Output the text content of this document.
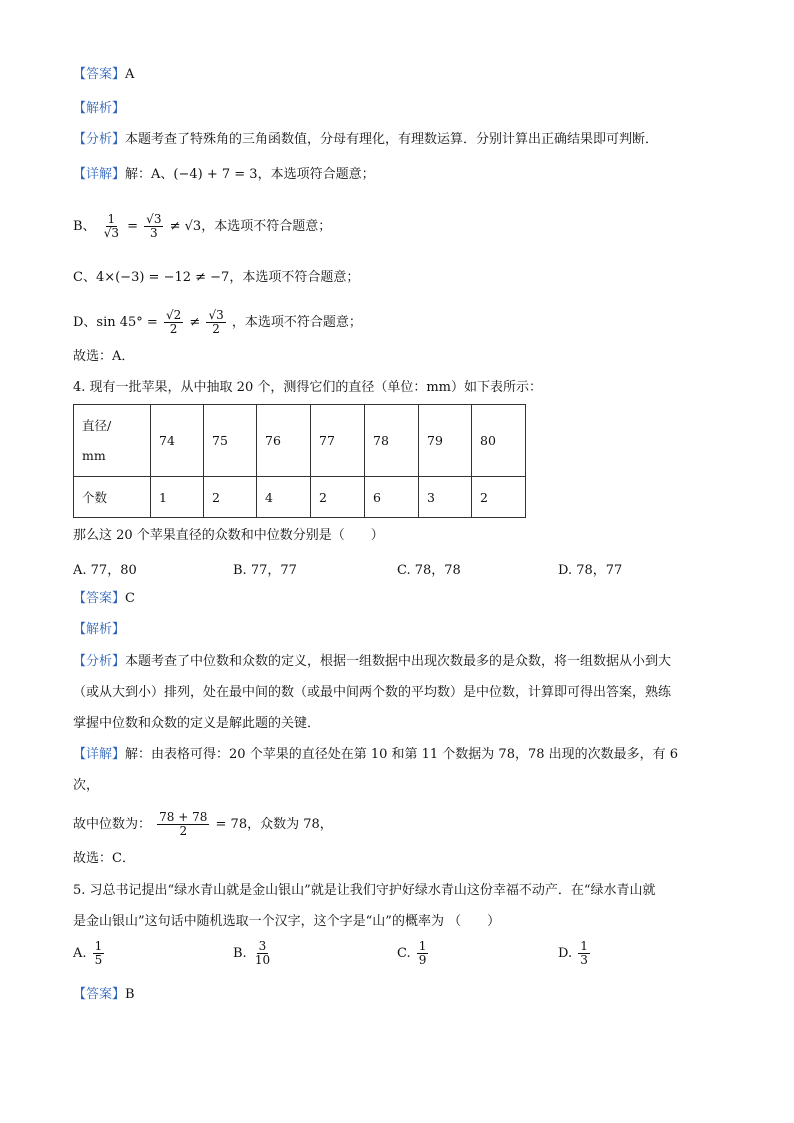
【答案】A
【解析】
【分析】本题考查了特殊角的三角函数值，分母有理化，有理数运算．分别计算出正确结果即可判断．
【详解】解：A、(−4) + 7 = 3，本选项符合题意；
B、 $\frac{1}{√3} = \frac{√3}{3} \ne √3$，本选项不符合题意；
C、4×(−3) = −12 ≠ −7，本选项不符合题意；
D、$\sin 45^\circ = \frac{√2}{2} \ne \frac{√3}{2}$ ，本选项不符合题意；
故选：A．
4. 现有一批苹果，从中抽取 20 个，测得它们的直径（单位：mm）如下表所示：
直径/
mm	74	75	76	77	78	79	80
个数	1	2	4	2	6	3	2
那么这 20 个苹果直径的众数和中位数分别是（　　）
A. 77，80	B. 77，77	C. 78，78	D. 78，77
【答案】C
【解析】
【分析】本题考查了中位数和众数的定义，根据一组数据中出现次数最多的是众数，将一组数据从小到大
（或从大到小）排列，处在最中间的数（或最中间两个数的平均数）是中位数，计算即可得出答案，熟练
掌握中位数和众数的定义是解此题的关键．
【详解】解：由表格可得：20 个苹果的直径处在第 10 和第 11 个数据为 78，78 出现的次数最多，有 6
次，
故中位数为： $\frac{78 + 78}{2} = 78$，众数为 78，
故选：C．
5. 习总书记提出“绿水青山就是金山银山”就是让我们守护好绿水青山这份幸福不动产．在“绿水青山就
是金山银山”这句话中随机选取一个汉字，这个字是“山”的概率为 （　　）
A. $\frac{1}{5}$	B. $\frac{3}{10}$	C. $\frac{1}{9}$	D. $\frac{1}{3}$
【答案】B
